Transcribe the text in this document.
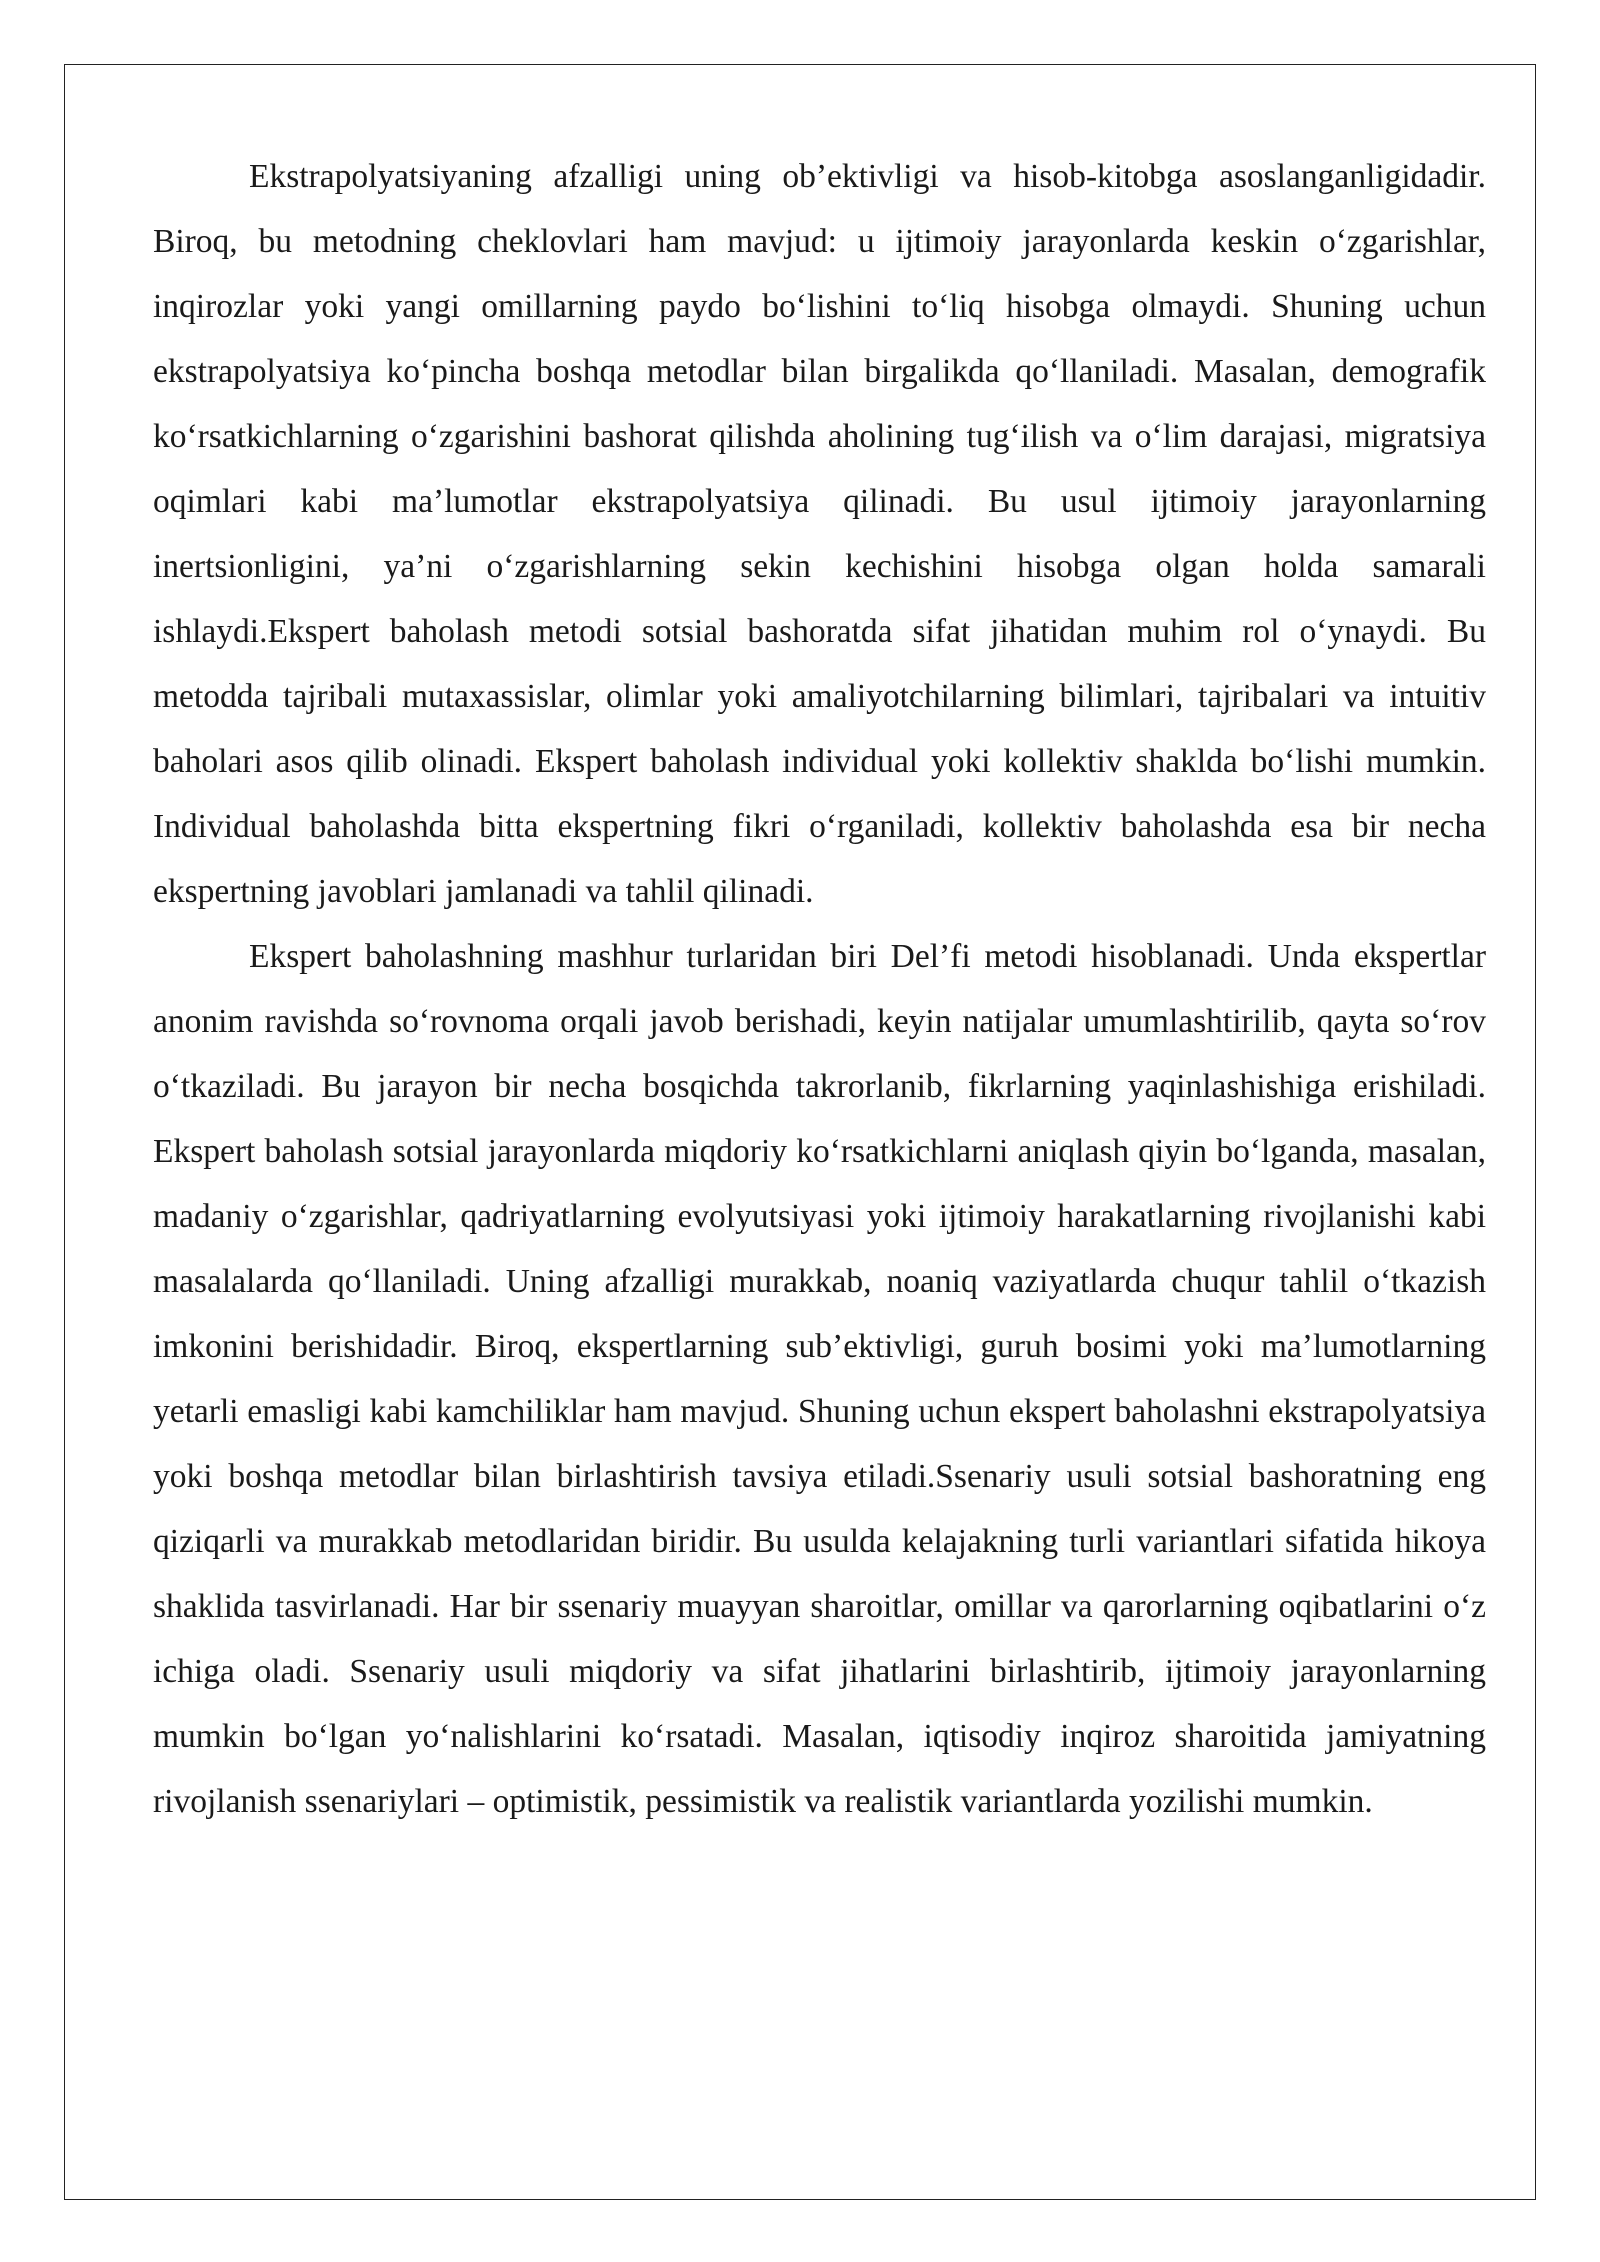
Ekstrapolyatsiyaning afzalligi uning ob’ektivligi va hisob-kitobga asoslanganligidadir. Biroq, bu metodning cheklovlari ham mavjud: u ijtimoiy jarayonlarda keskin oʻzgarishlar, inqirozlar yoki yangi omillarning paydo boʻlishini toʻliq hisobga olmaydi. Shuning uchun ekstrapolyatsiya koʻpincha boshqa metodlar bilan birgalikda qoʻllaniladi. Masalan, demografik koʻrsatkichlarning oʻzgarishini bashorat qilishda aholining tugʻilish va oʻlim darajasi, migratsiya oqimlari kabi ma’lumotlar ekstrapolyatsiya qilinadi. Bu usul ijtimoiy jarayonlarning inertsionligini, ya’ni oʻzgarishlarning sekin kechishini hisobga olgan holda samarali ishlaydi.Ekspert baholash metodi sotsial bashoratda sifat jihatidan muhim rol oʻynaydi. Bu metodda tajribali mutaxassislar, olimlar yoki amaliyotchilarning bilimlari, tajribalari va intuitiv baholari asos qilib olinadi. Ekspert baholash individual yoki kollektiv shaklda boʻlishi mumkin. Individual baholashda bitta ekspertning fikri oʻrganiladi, kollektiv baholashda esa bir necha ekspertning javoblari jamlanadi va tahlil qilinadi.

Ekspert baholashning mashhur turlaridan biri Del’fi metodi hisoblanadi. Unda ekspertlar anonim ravishda soʻrovnoma orqali javob berishadi, keyin natijalar umumlashtirilib, qayta soʻrov oʻtkaziladi. Bu jarayon bir necha bosqichda takrorlanib, fikrlarning yaqinlashishiga erishiladi. Ekspert baholash sotsial jarayonlarda miqdoriy koʻrsatkichlarni aniqlash qiyin boʻlganda, masalan, madaniy oʻzgarishlar, qadriyatlarning evolyutsiyasi yoki ijtimoiy harakatlarning rivojlanishi kabi masalalarda qoʻllaniladi. Uning afzalligi murakkab, noaniq vaziyatlarda chuqur tahlil oʻtkazish imkonini berishidadir. Biroq, ekspertlarning sub’ektivligi, guruh bosimi yoki ma’lumotlarning yetarli emasligi kabi kamchiliklar ham mavjud. Shuning uchun ekspert baholashni ekstrapolyatsiya yoki boshqa metodlar bilan birlashtirish tavsiya etiladi.Ssenariy usuli sotsial bashoratning eng qiziqarli va murakkab metodlaridan biridir. Bu usulda kelajakning turli variantlari sifatida hikoya shaklida tasvirlanadi. Har bir ssenariy muayyan sharoitlar, omillar va qarorlarning oqibatlarini oʻz ichiga oladi. Ssenariy usuli miqdoriy va sifat jihatlarini birlashtirib, ijtimoiy jarayonlarning mumkin boʻlgan yoʻnalishlarini koʻrsatadi. Masalan, iqtisodiy inqiroz sharoitida jamiyatning rivojlanish ssenariylari – optimistik, pessimistik va realistik variantlarda yozilishi mumkin.
